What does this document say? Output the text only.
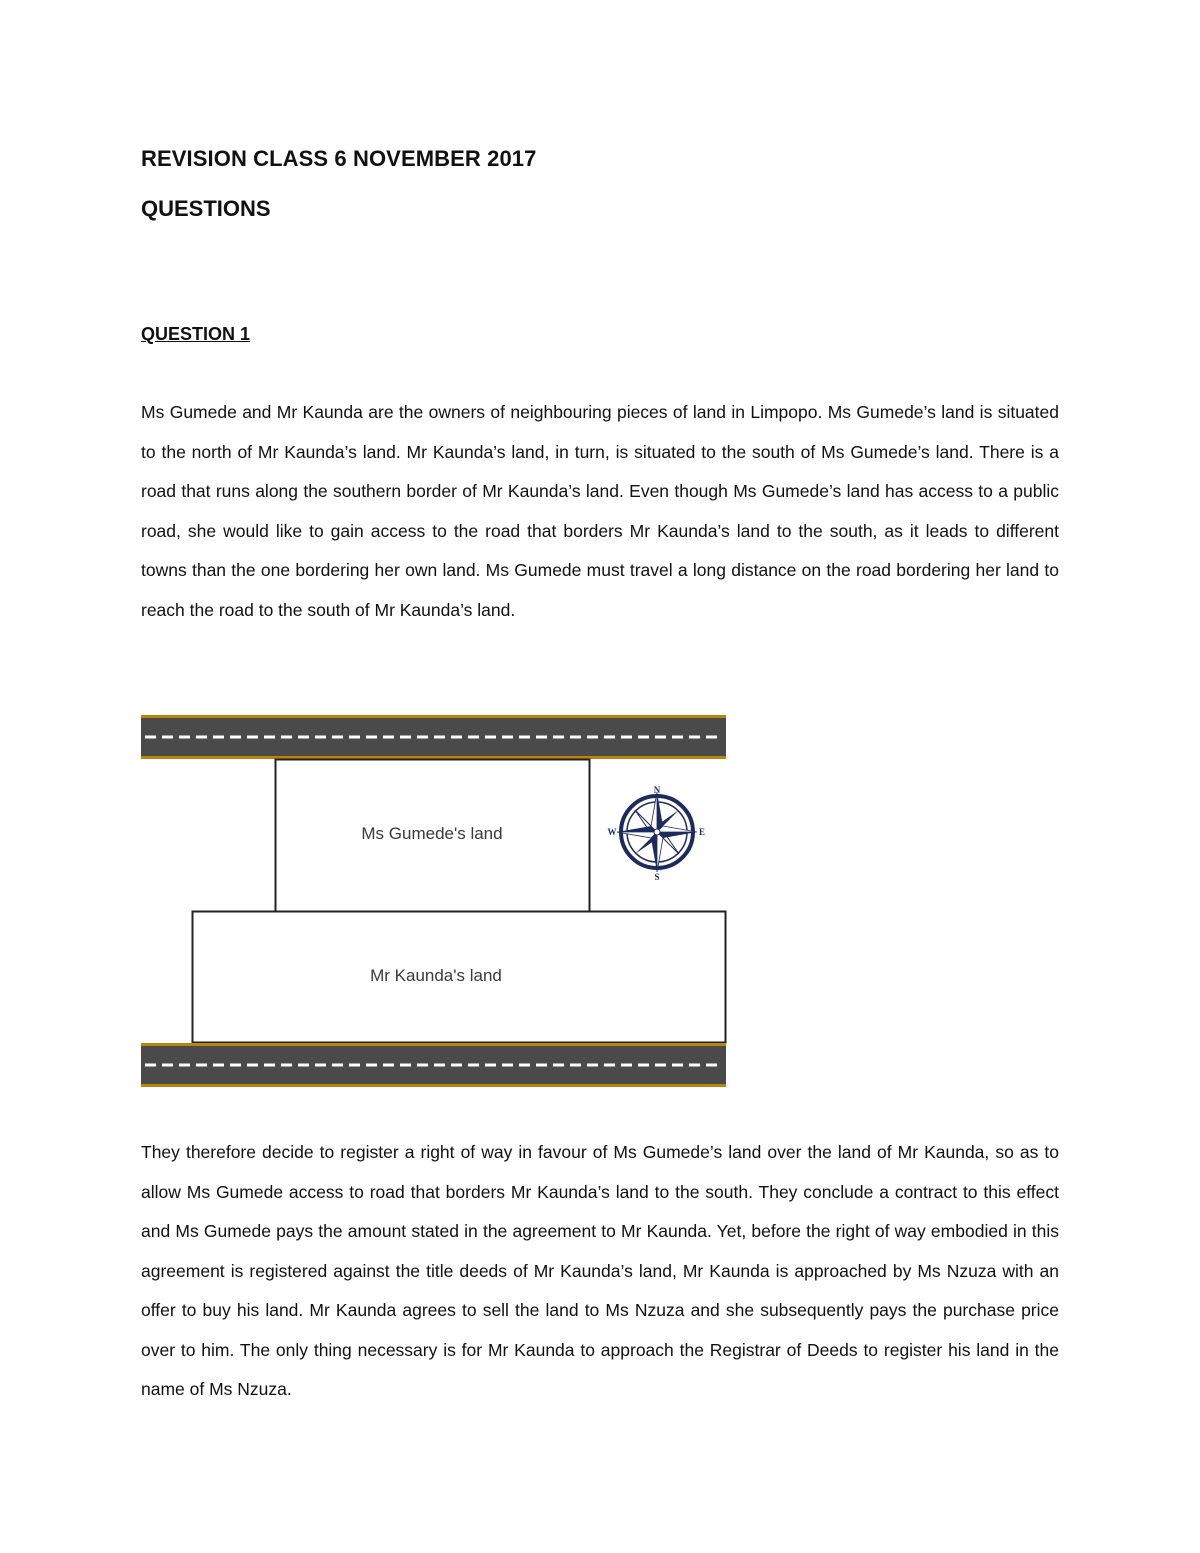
REVISION CLASS 6 NOVEMBER 2017
QUESTIONS
QUESTION 1

Ms Gumede and Mr Kaunda are the owners of neighbouring pieces of land in Limpopo. Ms Gumede’s land is situated to the north of Mr Kaunda’s land. Mr Kaunda’s land, in turn, is situated to the south of Ms Gumede’s land. There is a road that runs along the southern border of Mr Kaunda’s land. Even though Ms Gumede’s land has access to a public road, she would like to gain access to the road that borders Mr Kaunda’s land to the south, as it leads to different towns than the one bordering her own land. Ms Gumede must travel a long distance on the road bordering her land to reach the road to the south of Mr Kaunda’s land.

Ms Gumede's land
Mr Kaunda's land
N
S
E
W

They therefore decide to register a right of way in favour of Ms Gumede’s land over the land of Mr Kaunda, so as to allow Ms Gumede access to road that borders Mr Kaunda’s land to the south. They conclude a contract to this effect and Ms Gumede pays the amount stated in the agreement to Mr Kaunda. Yet, before the right of way embodied in this agreement is registered against the title deeds of Mr Kaunda’s land, Mr Kaunda is approached by Ms Nzuza with an offer to buy his land. Mr Kaunda agrees to sell the land to Ms Nzuza and she subsequently pays the purchase price over to him. The only thing necessary is for Mr Kaunda to approach the Registrar of Deeds to register his land in the name of Ms Nzuza.
